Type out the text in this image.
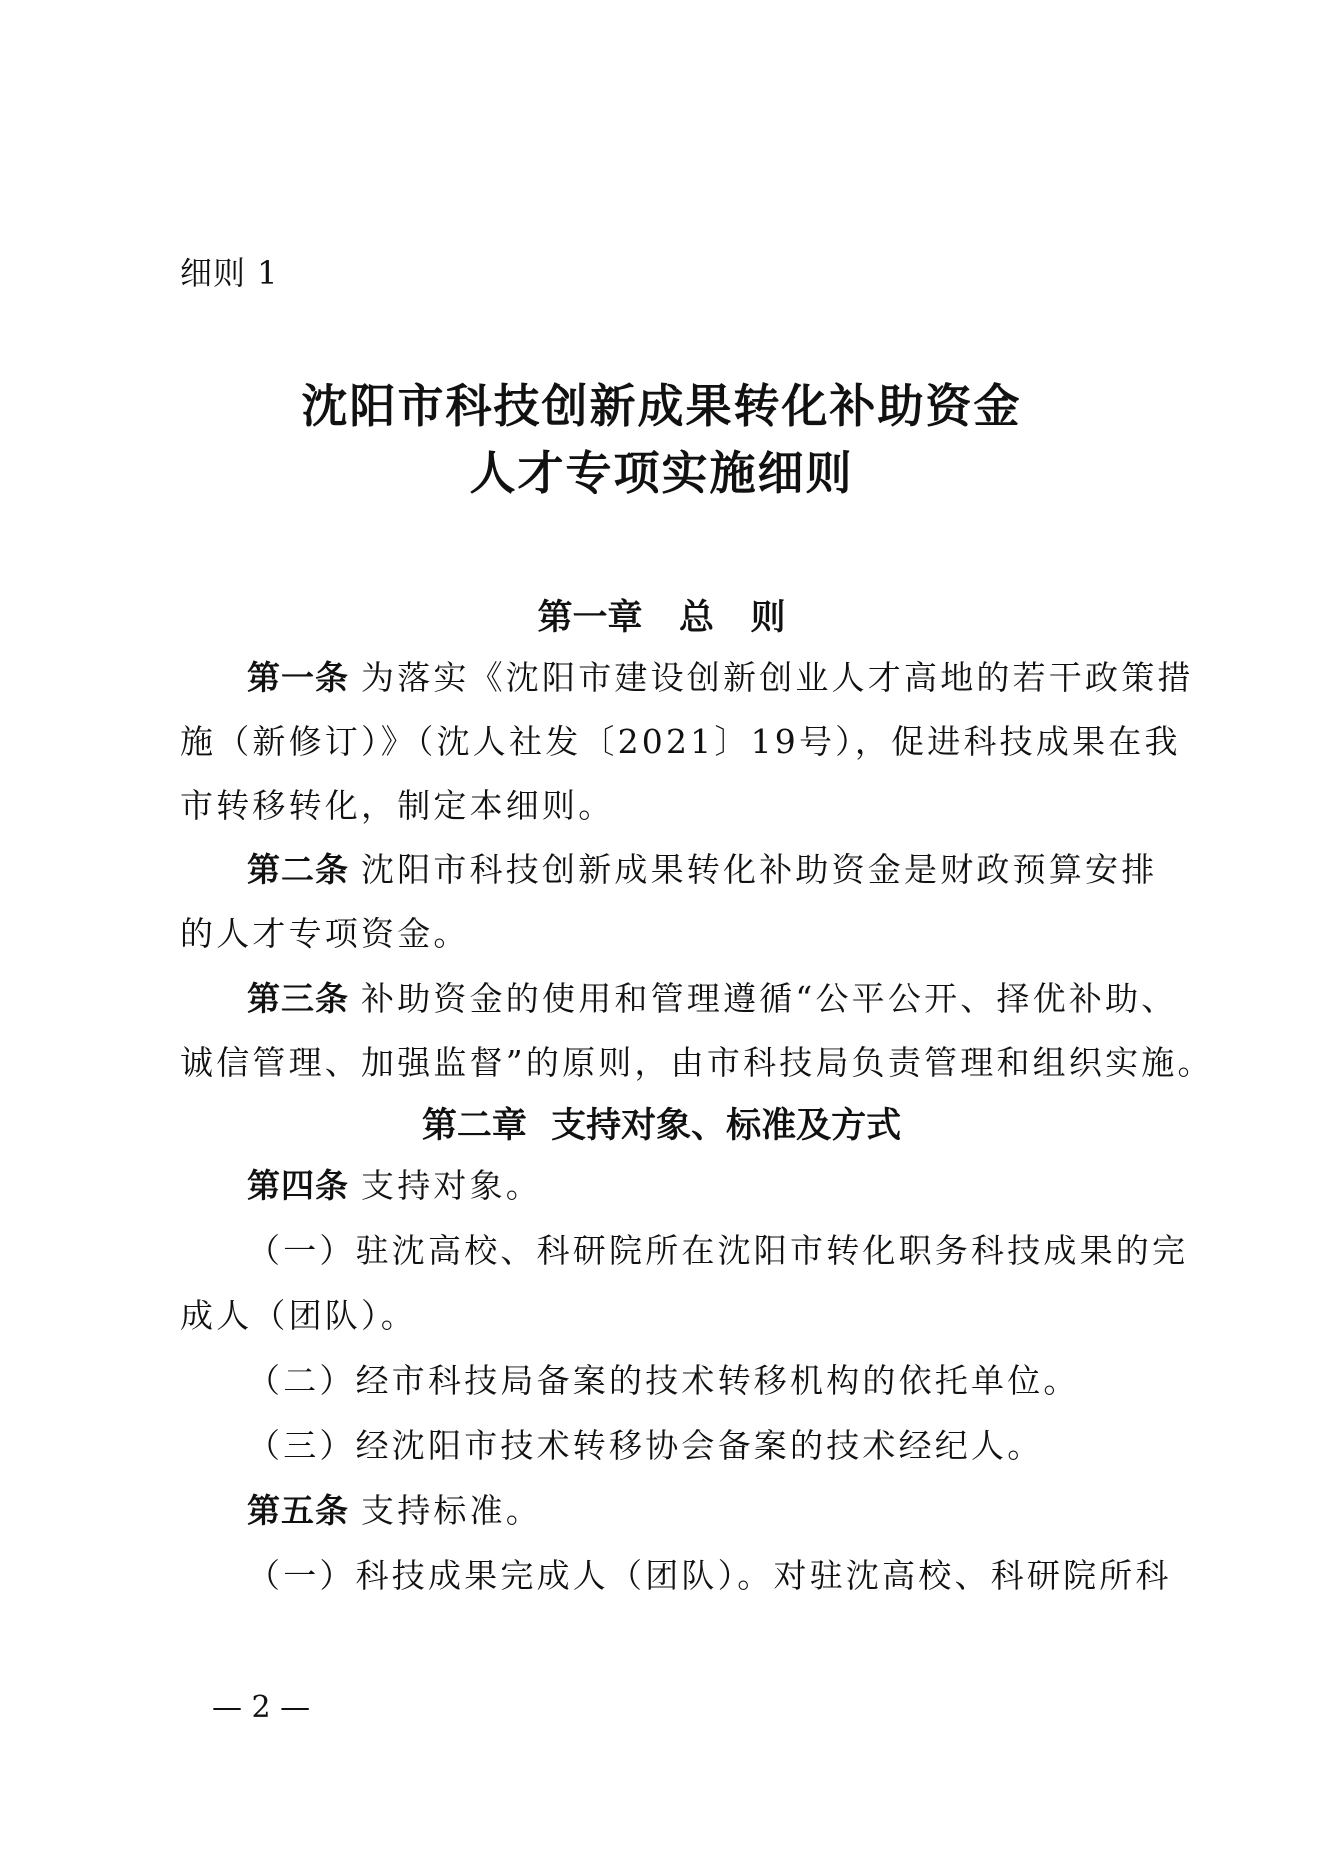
细则 1
沈阳市科技创新成果转化补助资金
人才专项实施细则
第一章   总   则
第一条 为落实《沈阳市建设创新创业人才高地的若干政策措
施（新修订）》（沈人社发〔2021〕19号），促进科技成果在我
市转移转化，制定本细则。
第二条 沈阳市科技创新成果转化补助资金是财政预算安排
的人才专项资金。
第三条 补助资金的使用和管理遵循“公平公开、择优补助、
诚信管理、加强监督”的原则，由市科技局负责管理和组织实施。
第二章  支持对象、标准及方式
第四条 支持对象。
（一）驻沈高校、科研院所在沈阳市转化职务科技成果的完
成人（团队）。
（二）经市科技局备案的技术转移机构的依托单位。
（三）经沈阳市技术转移协会备案的技术经纪人。
第五条 支持标准。
（一）科技成果完成人（团队）。对驻沈高校、科研院所科
— 2 —
